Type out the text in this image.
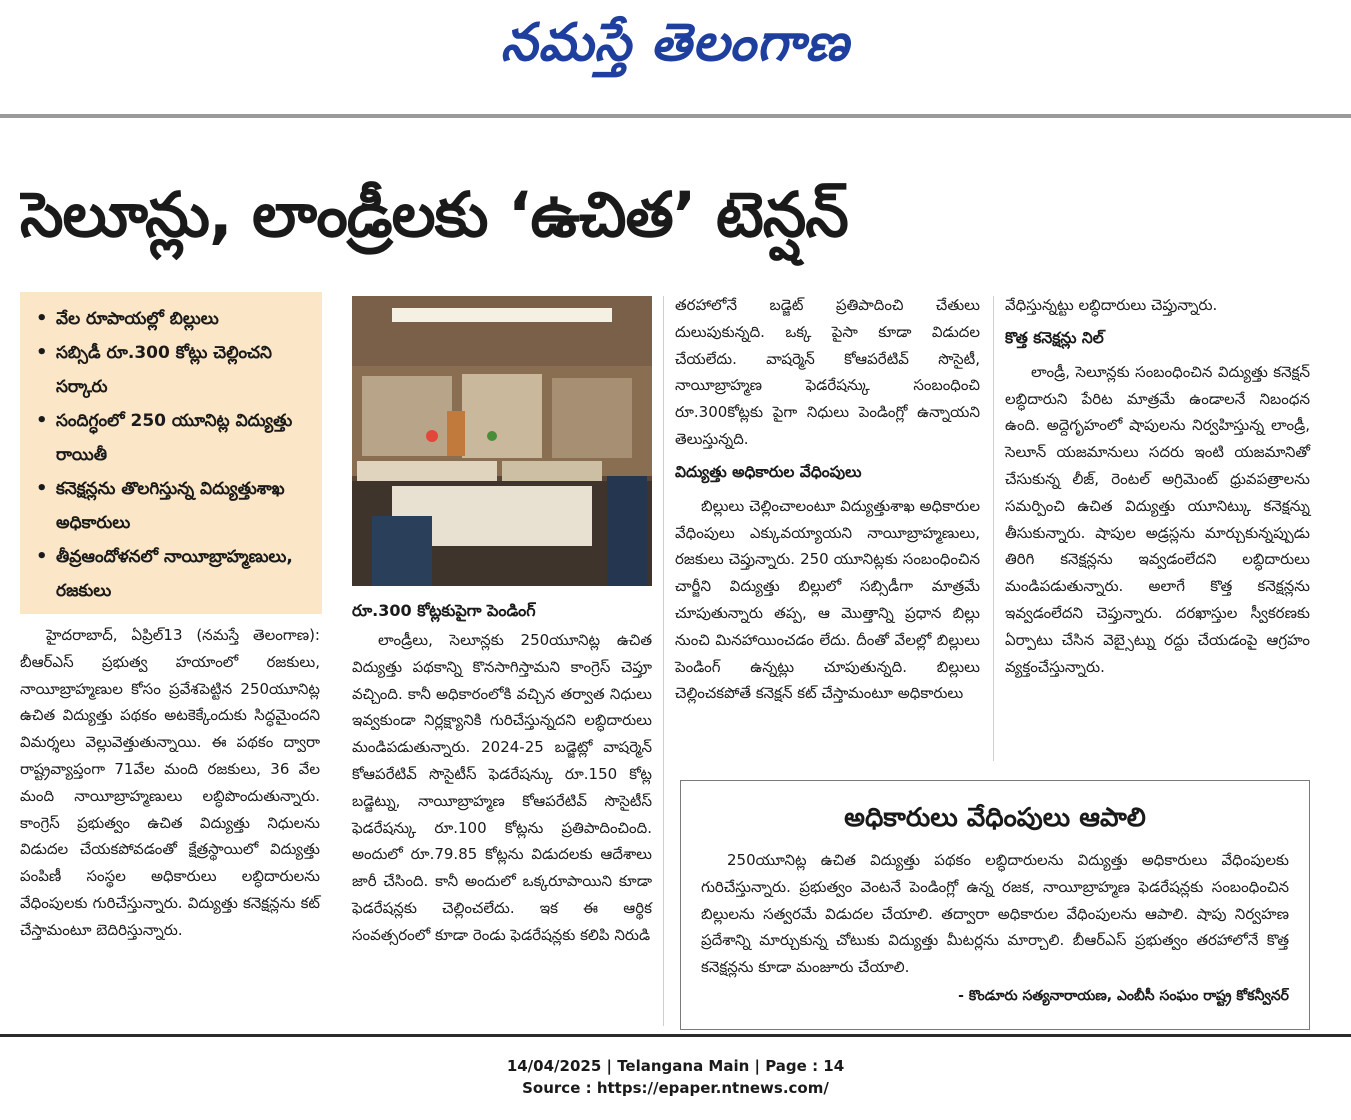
నమస్తే తెలంగాణ
సెలూన్లు, లాండ్రీలకు ‘ఉచిత’ టెన్షన్
• వేల రూపాయల్లో బిల్లులు
• సబ్సిడీ రూ.300 కోట్లు చెల్లించని సర్కారు
• సందిగ్ధంలో 250 యూనిట్ల విద్యుత్తు రాయితీ
• కనెక్షన్లను తొలగిస్తున్న విద్యుత్తుశాఖ అధికారులు
• తీవ్రఆందోళనలో నాయీబ్రాహ్మణులు, రజకులు
రూ.300 కోట్లకుపైగా పెండింగ్

హైదరాబాద్, ఏప్రిల్13 (నమస్తే తెలంగాణ): బీఆర్ఎస్ ప్రభుత్వ హయాంలో రజకులు, నాయీబ్రాహ్మణుల కోసం ప్రవేశపెట్టిన 250యూనిట్ల ఉచిత విద్యుత్తు పథకం అటకెక్కేందుకు సిద్ధమైందని విమర్శలు వెల్లువెత్తుతున్నాయి. ఈ పథకం ద్వారా రాష్ట్రవ్యాప్తంగా 71వేల మంది రజకులు, 36 వేల మంది నాయీబ్రాహ్మణులు లబ్ధిపొందుతున్నారు. కాంగ్రెస్ ప్రభుత్వం ఉచిత విద్యుత్తు నిధులను విడుదల చేయకపోవడంతో క్షేత్రస్థాయిలో విద్యుత్తు పంపిణీ సంస్థల అధికారులు లబ్ధిదారులను వేధింపులకు గురిచేస్తున్నారు. విద్యుత్తు కనెక్షన్లను కట్ చేస్తామంటూ బెదిరిస్తున్నారు.

లాండ్రీలు, సెలూన్లకు 250యూనిట్ల ఉచిత విద్యుత్తు పథకాన్ని కొనసాగిస్తామని కాంగ్రెస్ చెప్తూ వచ్చింది. కానీ అధికారంలోకి వచ్చిన తర్వాత నిధులు ఇవ్వకుండా నిర్లక్ష్యానికి గురిచేస్తున్నదని లబ్ధిదారులు మండిపడుతున్నారు. 2024-25 బడ్జెట్లో వాషర్మెన్ కోఆపరేటివ్ సొసైటీస్ ఫెడరేషన్కు రూ.150 కోట్ల బడ్జెట్ను, నాయీబ్రాహ్మణ కోఆపరేటివ్ సొసైటీస్ ఫెడరేషన్కు రూ.100 కోట్లను ప్రతిపాదించింది. అందులో రూ.79.85 కోట్లను విడుదలకు ఆదేశాలు జారీ చేసింది. కానీ అందులో ఒక్కరూపాయిని కూడా ఫెడరేషన్లకు చెల్లించలేదు. ఇక ఈ ఆర్థిక సంవత్సరంలో కూడా రెండు ఫెడరేషన్లకు కలిపి నిరుడి

తరహాలోనే బడ్జెట్ ప్రతిపాదించి చేతులు దులుపుకున్నది. ఒక్క పైసా కూడా విడుదల చేయలేదు. వాషర్మెన్ కోఆపరేటివ్ సొసైటీ, నాయీబ్రాహ్మణ ఫెడరేషన్కు సంబంధించి రూ.300కోట్లకు పైగా నిధులు పెండింగ్లో ఉన్నాయని తెలుస్తున్నది.

విద్యుత్తు అధికారుల వేధింపులు

బిల్లులు చెల్లించాలంటూ విద్యుత్తుశాఖ అధికారుల వేధింపులు ఎక్కువయ్యాయని నాయీబ్రాహ్మణులు, రజకులు చెప్తున్నారు. 250 యూనిట్లకు సంబంధించిన చార్జీని విద్యుత్తు బిల్లులో సబ్సిడీగా మాత్రమే చూపుతున్నారు తప్ప, ఆ మొత్తాన్ని ప్రధాన బిల్లు నుంచి మినహాయించడం లేదు. దీంతో వేలల్లో బిల్లులు పెండింగ్ ఉన్నట్లు చూపుతున్నది. బిల్లులు చెల్లించకపోతే కనెక్షన్ కట్ చేస్తామంటూ అధికారులు

వేధిస్తున్నట్టు లబ్ధిదారులు చెప్తున్నారు.

కొత్త కనెక్షన్లు నిల్

లాండ్రీ, సెలూన్లకు సంబంధించిన విద్యుత్తు కనెక్షన్ లబ్ధిదారుని పేరిట మాత్రమే ఉండాలనే నిబంధన ఉంది. అద్దెగృహంలో షాపులను నిర్వహిస్తున్న లాండ్రీ, సెలూన్ యజమానులు సదరు ఇంటి యజమానితో చేసుకున్న లీజ్, రెంటల్ అగ్రిమెంట్ ధ్రువపత్రాలను సమర్పించి ఉచిత విద్యుత్తు యూనిట్కు కనెక్షన్ను తీసుకున్నారు. షాపుల అడ్రస్లను మార్చుకున్నప్పుడు తిరిగి కనెక్షన్లను ఇవ్వడంలేదని లబ్ధిదారులు మండిపడుతున్నారు. అలాగే కొత్త కనెక్షన్లను ఇవ్వడంలేదని చెప్తున్నారు. దరఖాస్తుల స్వీకరణకు ఏర్పాటు చేసిన వెబ్సైట్ను రద్దు చేయడంపై ఆగ్రహం వ్యక్తంచేస్తున్నారు.

అధికారులు వేధింపులు ఆపాలి

250యూనిట్ల ఉచిత విద్యుత్తు పథకం లబ్ధిదారులను విద్యుత్తు అధికారులు వేధింపులకు గురిచేస్తున్నారు. ప్రభుత్వం వెంటనే పెండింగ్లో ఉన్న రజక, నాయీబ్రాహ్మణ ఫెడరేషన్లకు సంబంధించిన బిల్లులను సత్వరమే విడుదల చేయాలి. తద్వారా అధికారుల వేధింపులను ఆపాలి. షాపు నిర్వహణ ప్రదేశాన్ని మార్చుకున్న చోటుకు విద్యుత్తు మీటర్లను మార్చాలి. బీఆర్ఎస్ ప్రభుత్వం తరహాలోనే కొత్త కనెక్షన్లను కూడా మంజూరు చేయాలి.

- కొండూరు సత్యనారాయణ, ఎంబీసీ సంఘం రాష్ట్ర కోకన్వీనర్

14/04/2025 | Telangana Main | Page : 14
Source : https://epaper.ntnews.com/
